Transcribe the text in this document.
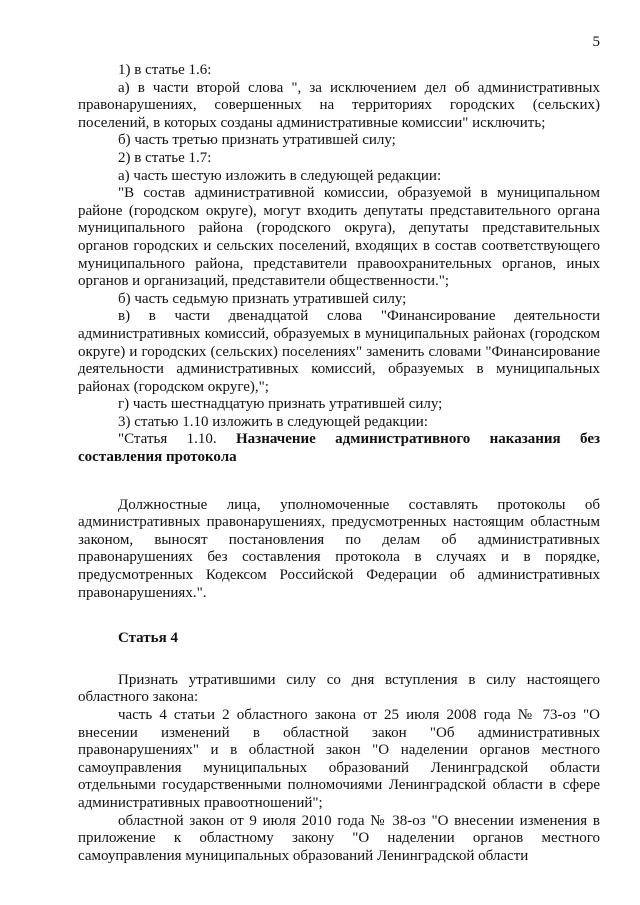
5

1) в статье 1.6:

а) в части второй слова ", за исключением дел об административных правонарушениях, совершенных на территориях городских (сельских) поселений, в которых созданы административные комиссии" исключить;

б) часть третью признать утратившей силу;

2) в статье 1.7:

а) часть шестую изложить в следующей редакции:

"В состав административной комиссии, образуемой в муниципальном районе (городском округе), могут входить депутаты представительного органа муниципального района (городского округа), депутаты представительных органов городских и сельских поселений, входящих в состав соответствующего муниципального района, представители правоохранительных органов, иных органов и организаций, представители общественности.";

б) часть седьмую признать утратившей силу;

в) в части двенадцатой слова "Финансирование деятельности административных комиссий, образуемых в муниципальных районах (городском округе) и городских (сельских) поселениях" заменить словами "Финансирование деятельности административных комиссий, образуемых в муниципальных районах (городском округе),";

г) часть шестнадцатую признать утратившей силу;

3) статью 1.10 изложить в следующей редакции:

"Статья 1.10. Назначение административного наказания без составления протокола

Должностные лица, уполномоченные составлять протоколы об административных правонарушениях, предусмотренных настоящим областным законом, выносят постановления по делам об административных правонарушениях без составления протокола в случаях и в порядке, предусмотренных Кодексом Российской Федерации об административных правонарушениях.".

Статья 4

Признать утратившими силу со дня вступления в силу настоящего областного закона:

часть 4 статьи 2 областного закона от 25 июля 2008 года № 73-оз "О внесении изменений в областной закон "Об административных правонарушениях" и в областной закон "О наделении органов местного самоуправления муниципальных образований Ленинградской области отдельными государственными полномочиями Ленинградской области в сфере административных правоотношений";

областной закон от 9 июля 2010 года № 38-оз "О внесении изменения в приложение к областному закону "О наделении органов местного самоуправления муниципальных образований Ленинградской области
